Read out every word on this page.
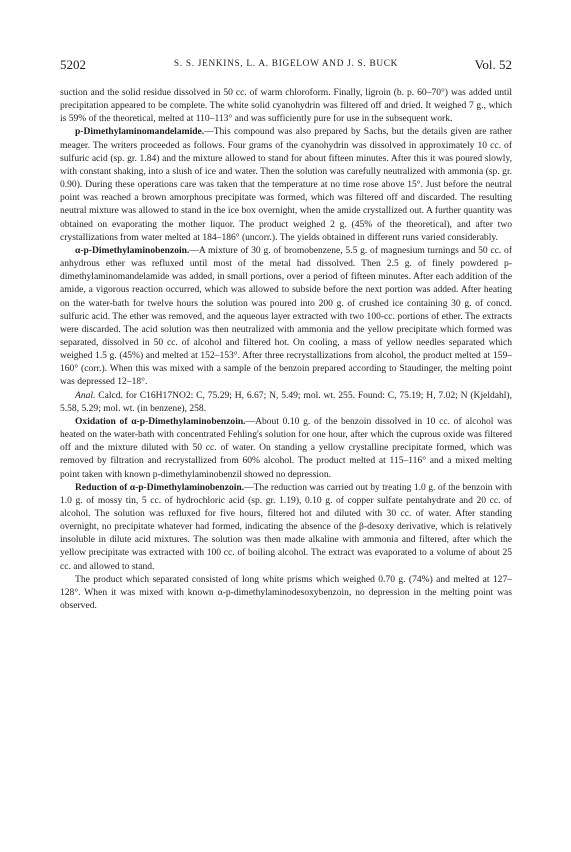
5202	S. S. JENKINS, L. A. BIGELOW AND J. S. BUCK	Vol. 52

suction and the solid residue dissolved in 50 cc. of warm chloroform. Finally, ligroin (b. p. 60–70°) was added until precipitation appeared to be complete. The white solid cyanohydrin was filtered off and dried. It weighed 7 g., which is 59% of the theoretical, melted at 110–113° and was sufficiently pure for use in the subsequent work.

p-Dimethylaminomandelamide.—This compound was also prepared by Sachs, but the details given are rather meager. The writers proceeded as follows. Four grams of the cyanohydrin was dissolved in approximately 10 cc. of sulfuric acid (sp. gr. 1.84) and the mixture allowed to stand for about fifteen minutes. After this it was poured slowly, with constant shaking, into a slush of ice and water. Then the solution was carefully neutralized with ammonia (sp. gr. 0.90). During these operations care was taken that the temperature at no time rose above 15°. Just before the neutral point was reached a brown amorphous precipitate was formed, which was filtered off and discarded. The resulting neutral mixture was allowed to stand in the ice box overnight, when the amide crystallized out. A further quantity was obtained on evaporating the mother liquor. The product weighed 2 g. (45% of the theoretical), and after two crystallizations from water melted at 184–186° (uncorr.). The yields obtained in different runs varied considerably.

α-p-Dimethylaminobenzoin.—A mixture of 30 g. of bromobenzene, 5.5 g. of magnesium turnings and 50 cc. of anhydrous ether was refluxed until most of the metal had dissolved. Then 2.5 g. of finely powdered p-dimethylaminomandelamide was added, in small portions, over a period of fifteen minutes. After each addition of the amide, a vigorous reaction occurred, which was allowed to subside before the next portion was added. After heating on the water-bath for twelve hours the solution was poured into 200 g. of crushed ice containing 30 g. of concd. sulfuric acid. The ether was removed, and the aqueous layer extracted with two 100-cc. portions of ether. The extracts were discarded. The acid solution was then neutralized with ammonia and the yellow precipitate which formed was separated, dissolved in 50 cc. of alcohol and filtered hot. On cooling, a mass of yellow needles separated which weighed 1.5 g. (45%) and melted at 152–153°. After three recrystallizations from alcohol, the product melted at 159–160° (corr.). When this was mixed with a sample of the benzoin prepared according to Staudinger, the melting point was depressed 12–18°.

Anal. Calcd. for C16H17NO2: C, 75.29; H, 6.67; N, 5.49; mol. wt. 255. Found: C, 75.19; H, 7.02; N (Kjeldahl), 5.58, 5.29; mol. wt. (in benzene), 258.

Oxidation of α-p-Dimethylaminobenzoin.—About 0.10 g. of the benzoin dissolved in 10 cc. of alcohol was heated on the water-bath with concentrated Fehling's solution for one hour, after which the cuprous oxide was filtered off and the mixture diluted with 50 cc. of water. On standing a yellow crystalline precipitate formed, which was removed by filtration and recrystallized from 60% alcohol. The product melted at 115–116° and a mixed melting point taken with known p-dimethylaminobenzil showed no depression.

Reduction of α-p-Dimethylaminobenzoin.—The reduction was carried out by treating 1.0 g. of the benzoin with 1.0 g. of mossy tin, 5 cc. of hydrochloric acid (sp. gr. 1.19), 0.10 g. of copper sulfate pentahydrate and 20 cc. of alcohol. The solution was refluxed for five hours, filtered hot and diluted with 30 cc. of water. After standing overnight, no precipitate whatever had formed, indicating the absence of the β-desoxy derivative, which is relatively insoluble in dilute acid mixtures. The solution was then made alkaline with ammonia and filtered, after which the yellow precipitate was extracted with 100 cc. of boiling alcohol. The extract was evaporated to a volume of about 25 cc. and allowed to stand.

The product which separated consisted of long white prisms which weighed 0.70 g. (74%) and melted at 127–128°. When it was mixed with known α-p-dimethylaminodesoxybenzoin, no depression in the melting point was observed.
